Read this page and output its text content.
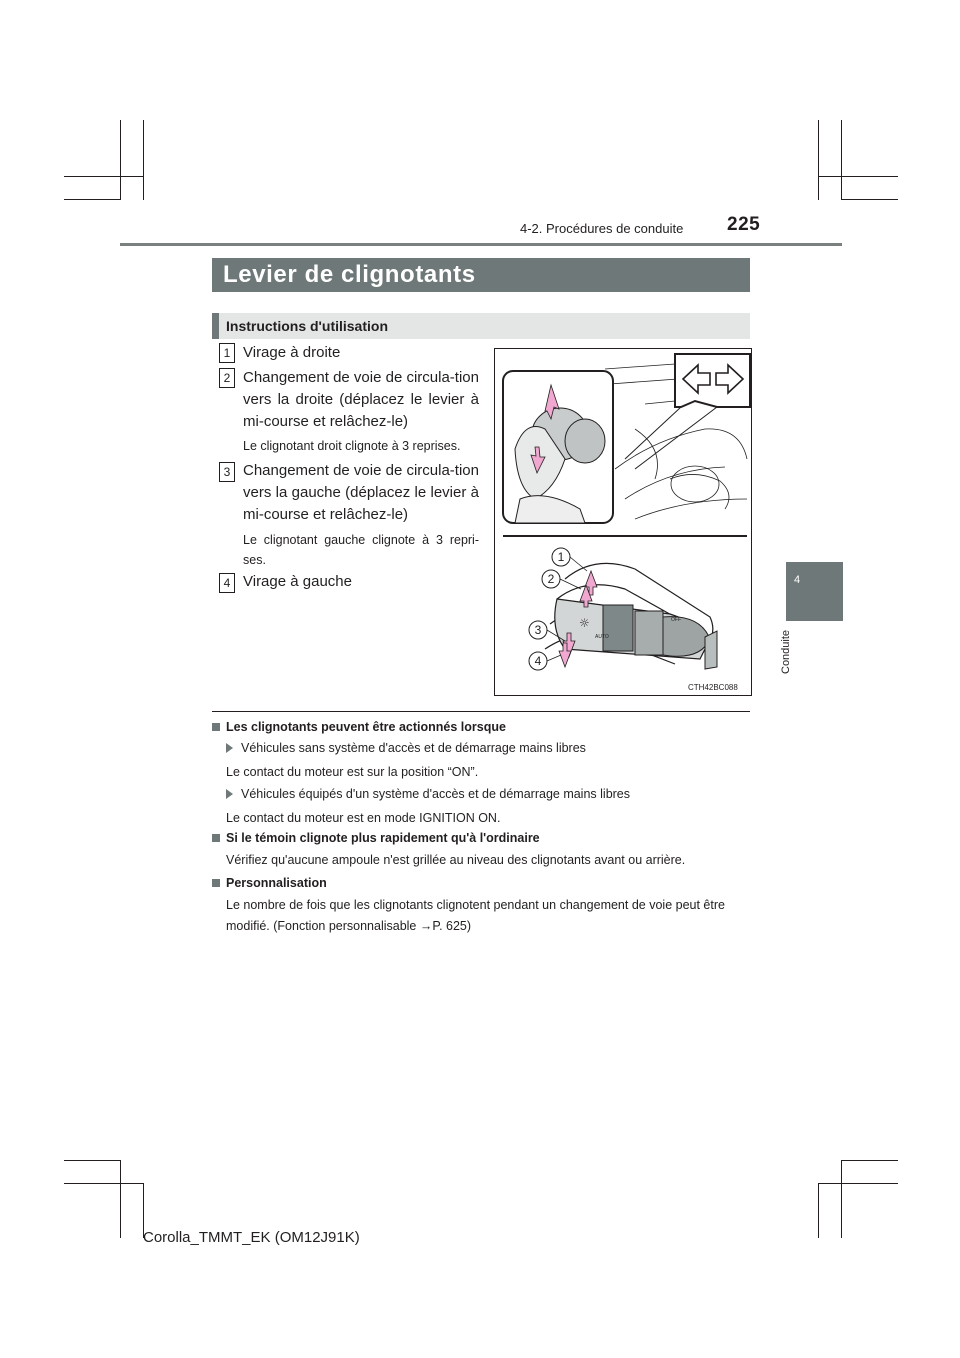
4-2. Procédures de conduite 225
4
Conduite
Levier de clignotants
Instructions d'utilisation
1 Virage à droite
2 Changement de voie de circula-tion vers la droite (déplacez le levier à mi-course et relâchez-le)
Le clignotant droit clignote à 3 reprises.
3 Changement de voie de circula-tion vers la gauche (déplacez le levier à mi-course et relâchez-le)
Le clignotant gauche clignote à 3 repri-ses.
4 Virage à gauche
AUTO
OFF
☼
1
2
3
4
CTH42BC088
Les clignotants peuvent être actionnés lorsque
Véhicules sans système d'accès et de démarrage mains libres
Le contact du moteur est sur la position “ON”.
Véhicules équipés d'un système d'accès et de démarrage mains libres
Le contact du moteur est en mode IGNITION ON.
Si le témoin clignote plus rapidement qu'à l'ordinaire
Vérifiez qu'aucune ampoule n'est grillée au niveau des clignotants avant ou arrière.
Personnalisation
Le nombre de fois que les clignotants clignotent pendant un changement de voie peut être modifié. (Fonction personnalisable →P. 625)
Corolla_TMMT_EK (OM12J91K)
